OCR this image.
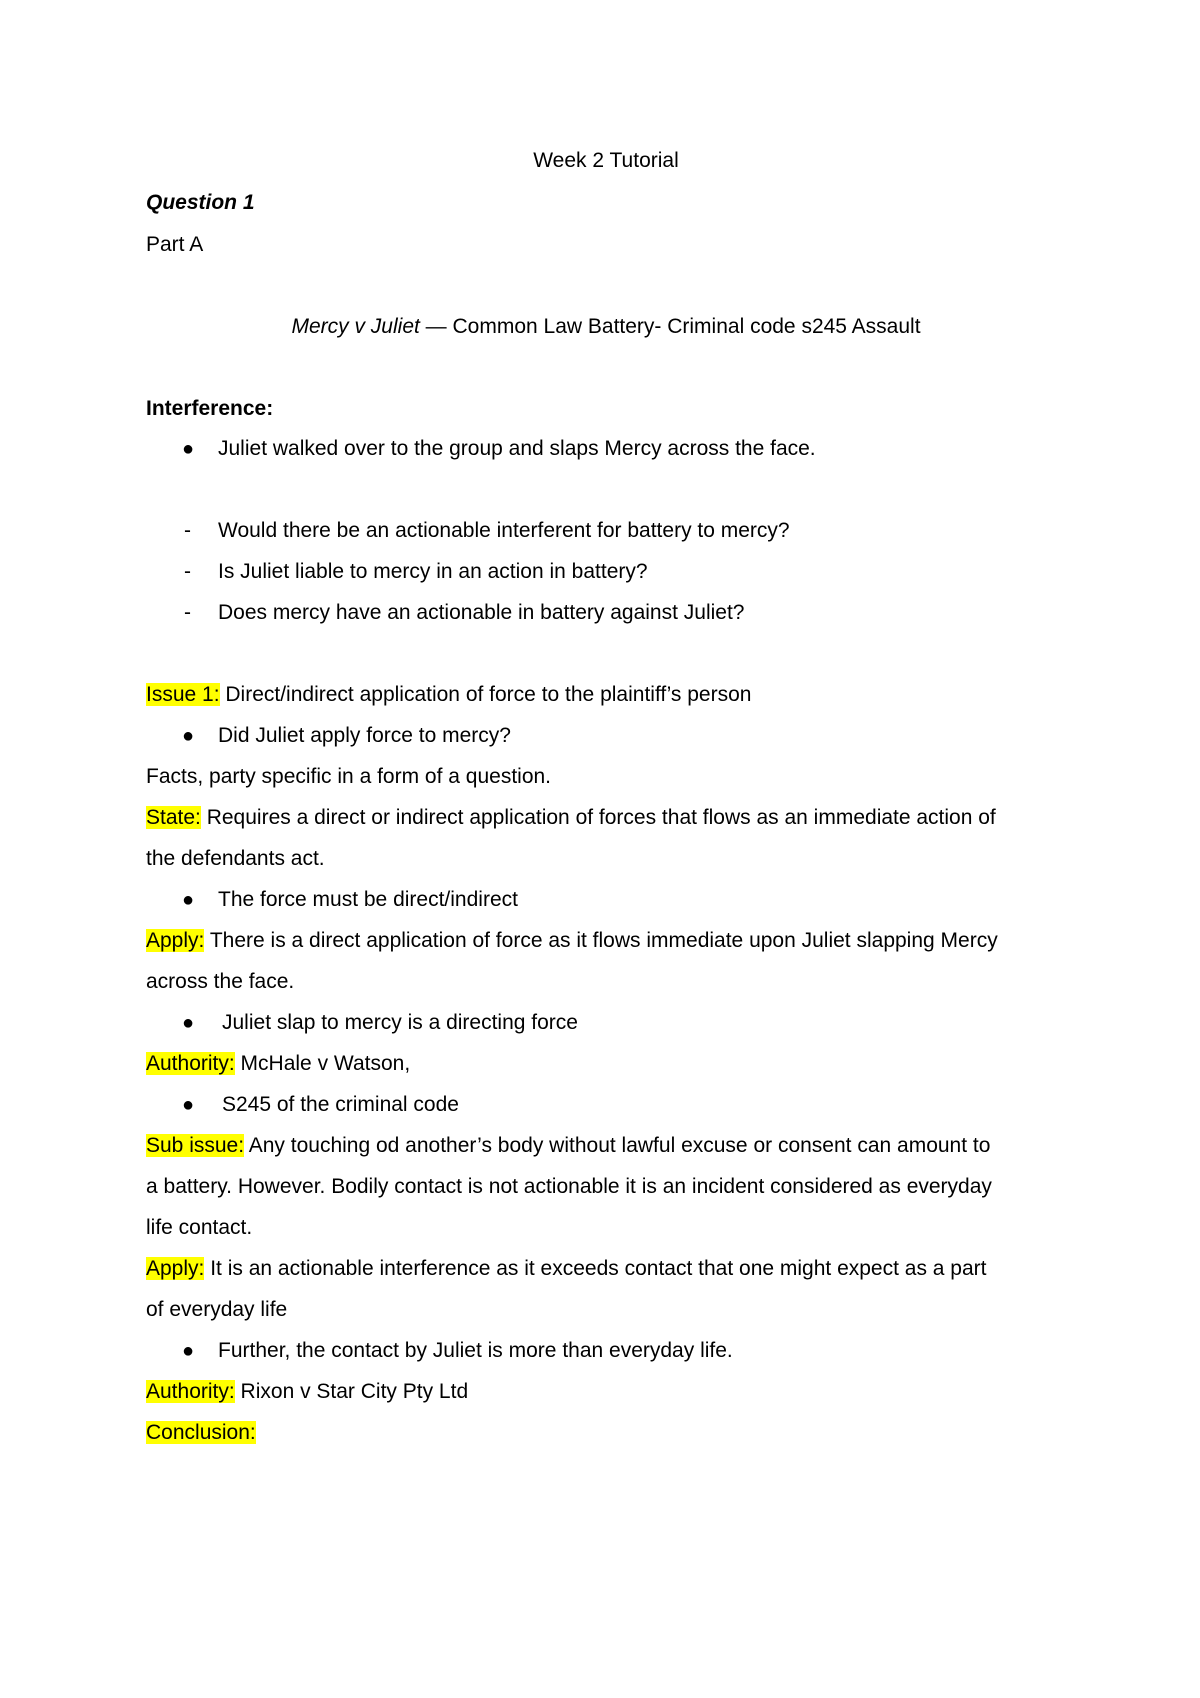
Week 2 Tutorial
Question 1
Part A
Mercy v Juliet — Common Law Battery- Criminal code s245 Assault
Interference:
● Juliet walked over to the group and slaps Mercy across the face.
- Would there be an actionable interferent for battery to mercy?
- Is Juliet liable to mercy in an action in battery?
- Does mercy have an actionable in battery against Juliet?
Issue 1: Direct/indirect application of force to the plaintiff’s person
● Did Juliet apply force to mercy?
Facts, party specific in a form of a question.
State: Requires a direct or indirect application of forces that flows as an immediate action of
the defendants act.
● The force must be direct/indirect
Apply: There is a direct application of force as it flows immediate upon Juliet slapping Mercy
across the face.
● Juliet slap to mercy is a directing force
Authority: McHale v Watson,
● S245 of the criminal code
Sub issue: Any touching od another’s body without lawful excuse or consent can amount to
a battery. However. Bodily contact is not actionable it is an incident considered as everyday
life contact.
Apply: It is an actionable interference as it exceeds contact that one might expect as a part
of everyday life
● Further, the contact by Juliet is more than everyday life.
Authority: Rixon v Star City Pty Ltd
Conclusion:
